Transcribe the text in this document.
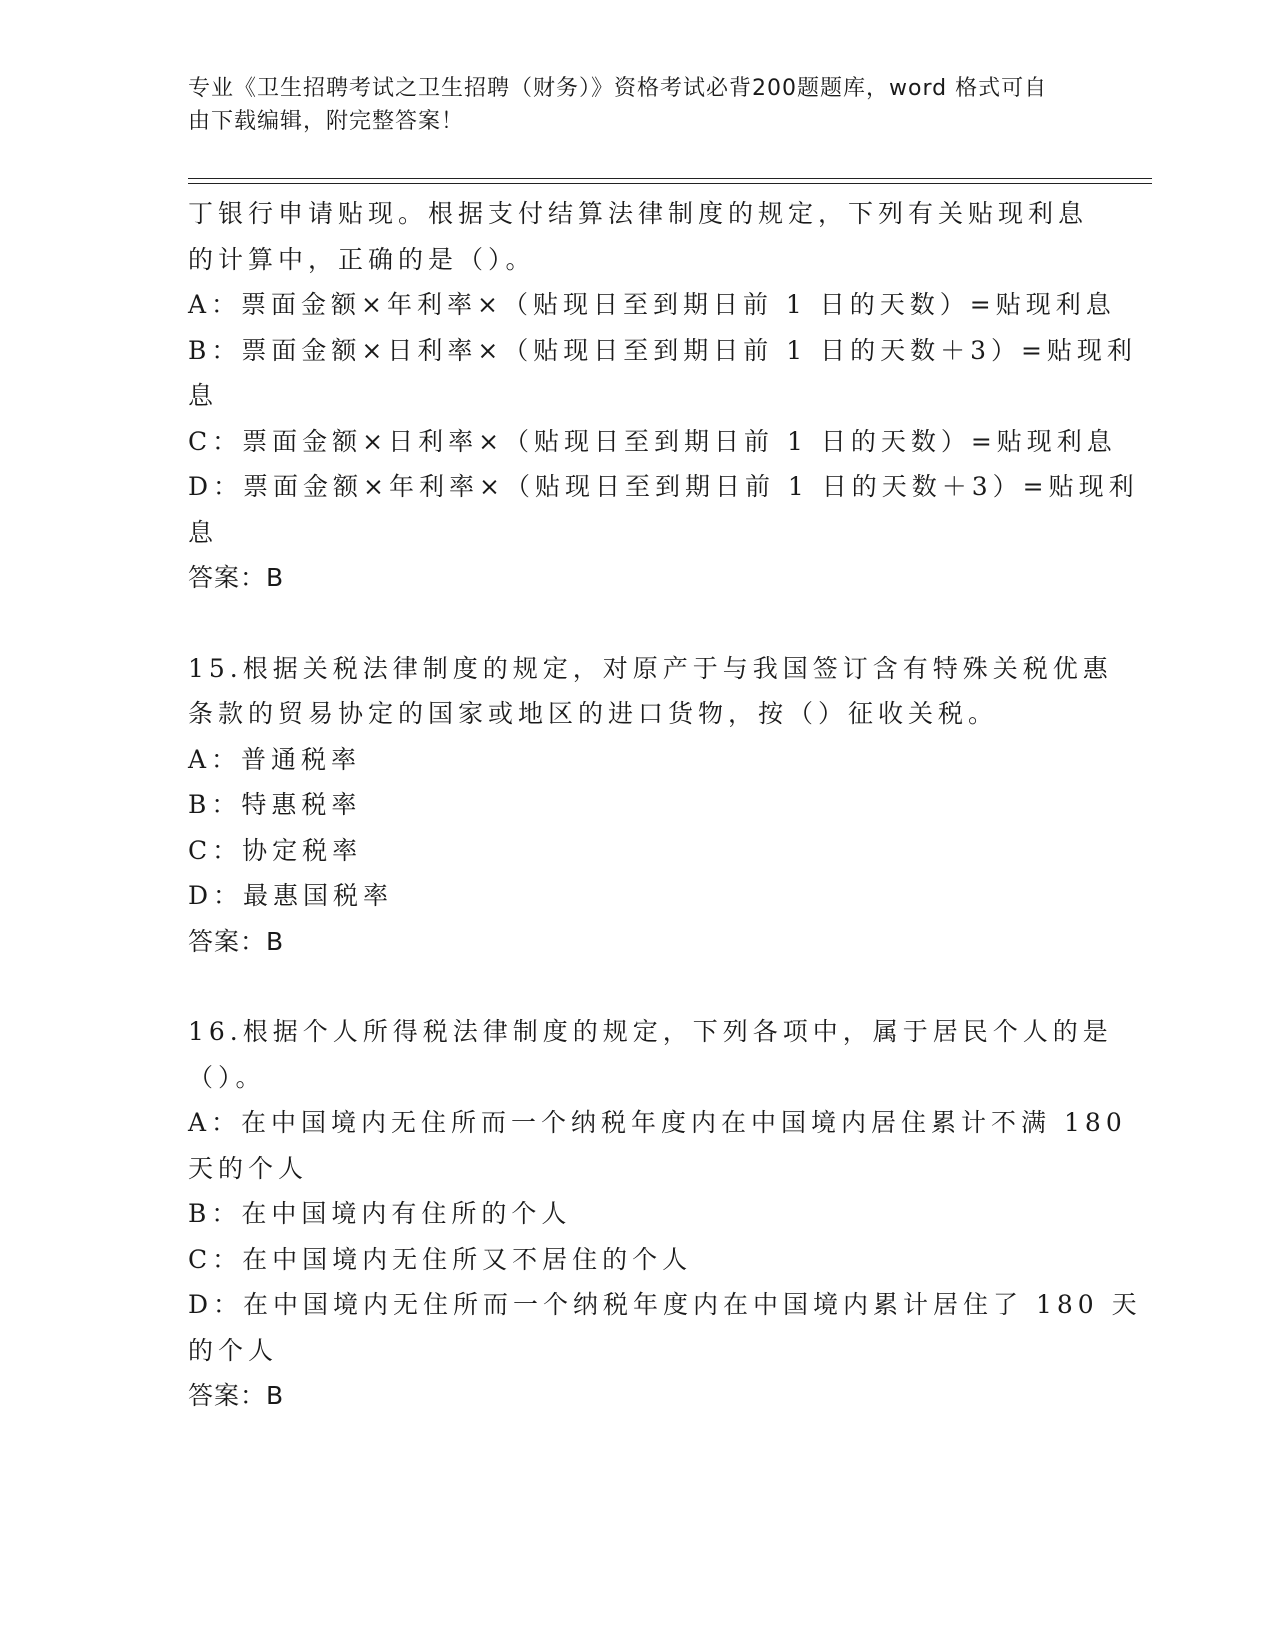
专业《卫生招聘考试之卫生招聘（财务）》资格考试必背200题题库，word 格式可自由下载编辑，附完整答案！
丁银行申请贴现。根据支付结算法律制度的规定，下列有关贴现利息
的计算中，正确的是（）。
A：票面金额×年利率×（贴现日至到期日前 1 日的天数）=贴现利息
B：票面金额×日利率×（贴现日至到期日前 1 日的天数＋3）=贴现利
息
C：票面金额×日利率×（贴现日至到期日前 1 日的天数）=贴现利息
D：票面金额×年利率×（贴现日至到期日前 1 日的天数＋3）=贴现利
息
答案：B
15.根据关税法律制度的规定，对原产于与我国签订含有特殊关税优惠
条款的贸易协定的国家或地区的进口货物，按（）征收关税。
A：普通税率
B：特惠税率
C：协定税率
D：最惠国税率
答案：B
16.根据个人所得税法律制度的规定，下列各项中，属于居民个人的是
（）。
A：在中国境内无住所而一个纳税年度内在中国境内居住累计不满 180
天的个人
B：在中国境内有住所的个人
C：在中国境内无住所又不居住的个人
D：在中国境内无住所而一个纳税年度内在中国境内累计居住了 180 天
的个人
答案：B
